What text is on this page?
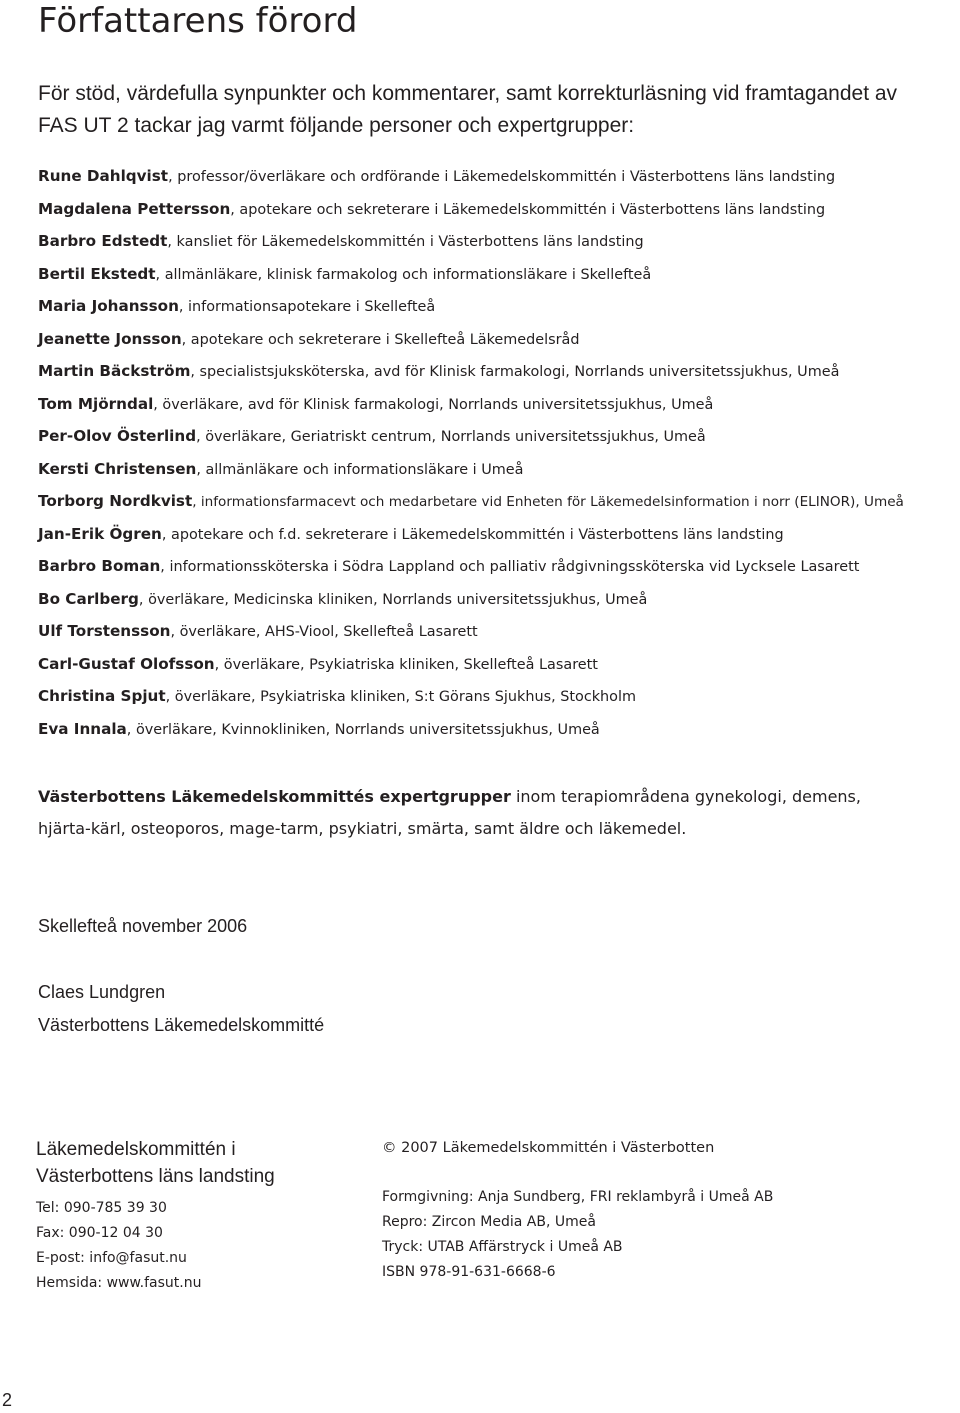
Författarens förord

För stöd, värdefulla synpunkter och kommentarer, samt korrekturläsning vid framtagandet av FAS UT 2 tackar jag varmt följande personer och expertgrupper:

Rune Dahlqvist, professor/överläkare och ordförande i Läkemedelskommittén i Västerbottens läns landsting
Magdalena Pettersson, apotekare och sekreterare i Läkemedelskommittén i Västerbottens läns landsting
Barbro Edstedt, kansliet för Läkemedelskommittén i Västerbottens läns landsting
Bertil Ekstedt, allmänläkare, klinisk farmakolog och informationsläkare i Skellefteå
Maria Johansson, informationsapotekare i Skellefteå
Jeanette Jonsson, apotekare och sekreterare i Skellefteå Läkemedelsråd
Martin Bäckström, specialistsjuksköterska, avd för Klinisk farmakologi, Norrlands universitetssjukhus, Umeå
Tom Mjörndal, överläkare, avd för Klinisk farmakologi, Norrlands universitetssjukhus, Umeå
Per-Olov Österlind, överläkare, Geriatriskt centrum, Norrlands universitetssjukhus, Umeå
Kersti Christensen, allmänläkare och informationsläkare i Umeå
Torborg Nordkvist, informationsfarmacevt och medarbetare vid Enheten för Läkemedelsinformation i norr (ELINOR), Umeå
Jan-Erik Ögren, apotekare och f.d. sekreterare i Läkemedelskommittén i Västerbottens läns landsting
Barbro Boman, informationssköterska i Södra Lappland och palliativ rådgivningssköterska vid Lycksele Lasarett
Bo Carlberg, överläkare, Medicinska kliniken, Norrlands universitetssjukhus, Umeå
Ulf Torstensson, överläkare, AHS-Viool, Skellefteå Lasarett
Carl-Gustaf Olofsson, överläkare, Psykiatriska kliniken, Skellefteå Lasarett
Christina Spjut, överläkare, Psykiatriska kliniken, S:t Görans Sjukhus, Stockholm
Eva Innala, överläkare, Kvinnokliniken, Norrlands universitetssjukhus, Umeå

Västerbottens Läkemedelskommittés expertgrupper inom terapiområdena gynekologi, demens, hjärta-kärl, osteoporos, mage-tarm, psykiatri, smärta, samt äldre och läkemedel.

Skellefteå november 2006

Claes Lundgren
Västerbottens Läkemedelskommitté
Läkemedelskommittén i
Västerbottens läns landsting
Tel: 090-785 39 30
Fax: 090-12 04 30
E-post: info@fasut.nu
Hemsida: www.fasut.nu
© 2007 Läkemedelskommittén i Västerbotten
Formgivning: Anja Sundberg, FRI reklambyrå i Umeå AB
Repro: Zircon Media AB, Umeå
Tryck: UTAB Affärstryck i Umeå AB
ISBN 978-91-631-6668-6
2
